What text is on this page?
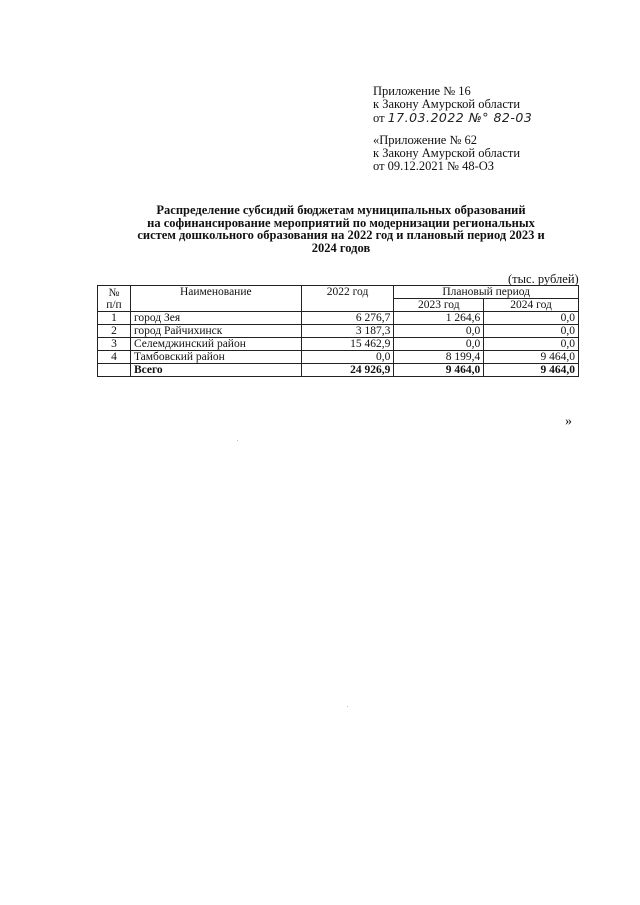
Приложение № 16
к Закону Амурской области
от 17.03.2022 №° 82-03
«Приложение № 62
к Закону Амурской области
от 09.12.2021 № 48-ОЗ
Распределение субсидий бюджетам муниципальных образований
на софинансирование мероприятий по модернизации региональных
систем дошкольного образования на 2022 год и плановый период 2023 и
2024 годов
(тыс. рублей)
№
п/п	Наименование	2022 год	Плановый период	
			2023 год	2024 год
1	город Зея	6 276,7	1 264,6	0,0
2	город Райчихинск	3 187,3	0,0	0,0
3	Селемджинский район	15 462,9	0,0	0,0
4	Тамбовский район	0,0	8 199,4	9 464,0
	Всего	24 926,9	9 464,0	9 464,0
»
